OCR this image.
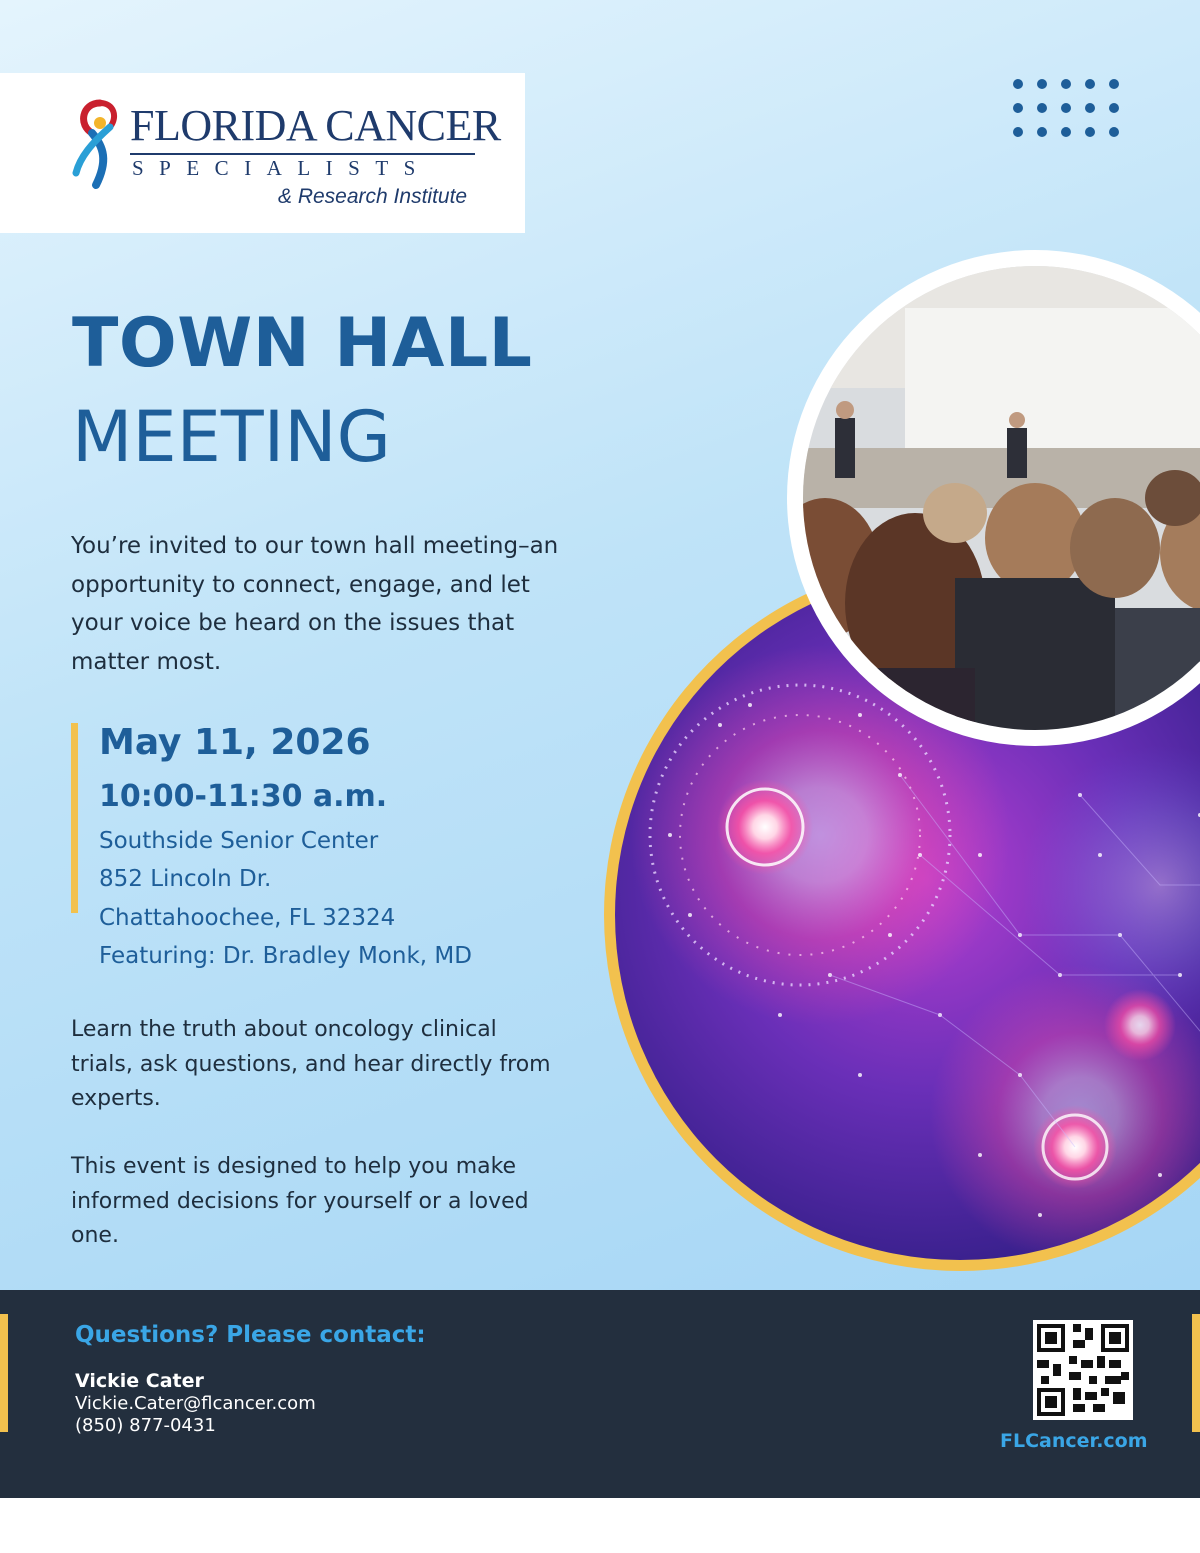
FLORIDA CANCER
SPECIALISTS
& Research Institute
TOWN HALL
MEETING
You’re invited to our town hall meeting–an opportunity to connect, engage, and let your voice be heard on the issues that matter most.
May 11, 2026
10:00-11:30 a.m.
Southside Senior Center
852 Lincoln Dr.
Chattahoochee, FL 32324
Featuring: Dr. Bradley Monk, MD
Learn the truth about oncology clinical trials, ask questions, and hear directly from experts.
This event is designed to help you make informed decisions for yourself or a loved one.
Questions? Please contact:
Vickie Cater
Vickie.Cater@flcancer.com
(850) 877-0431
FLCancer.com
